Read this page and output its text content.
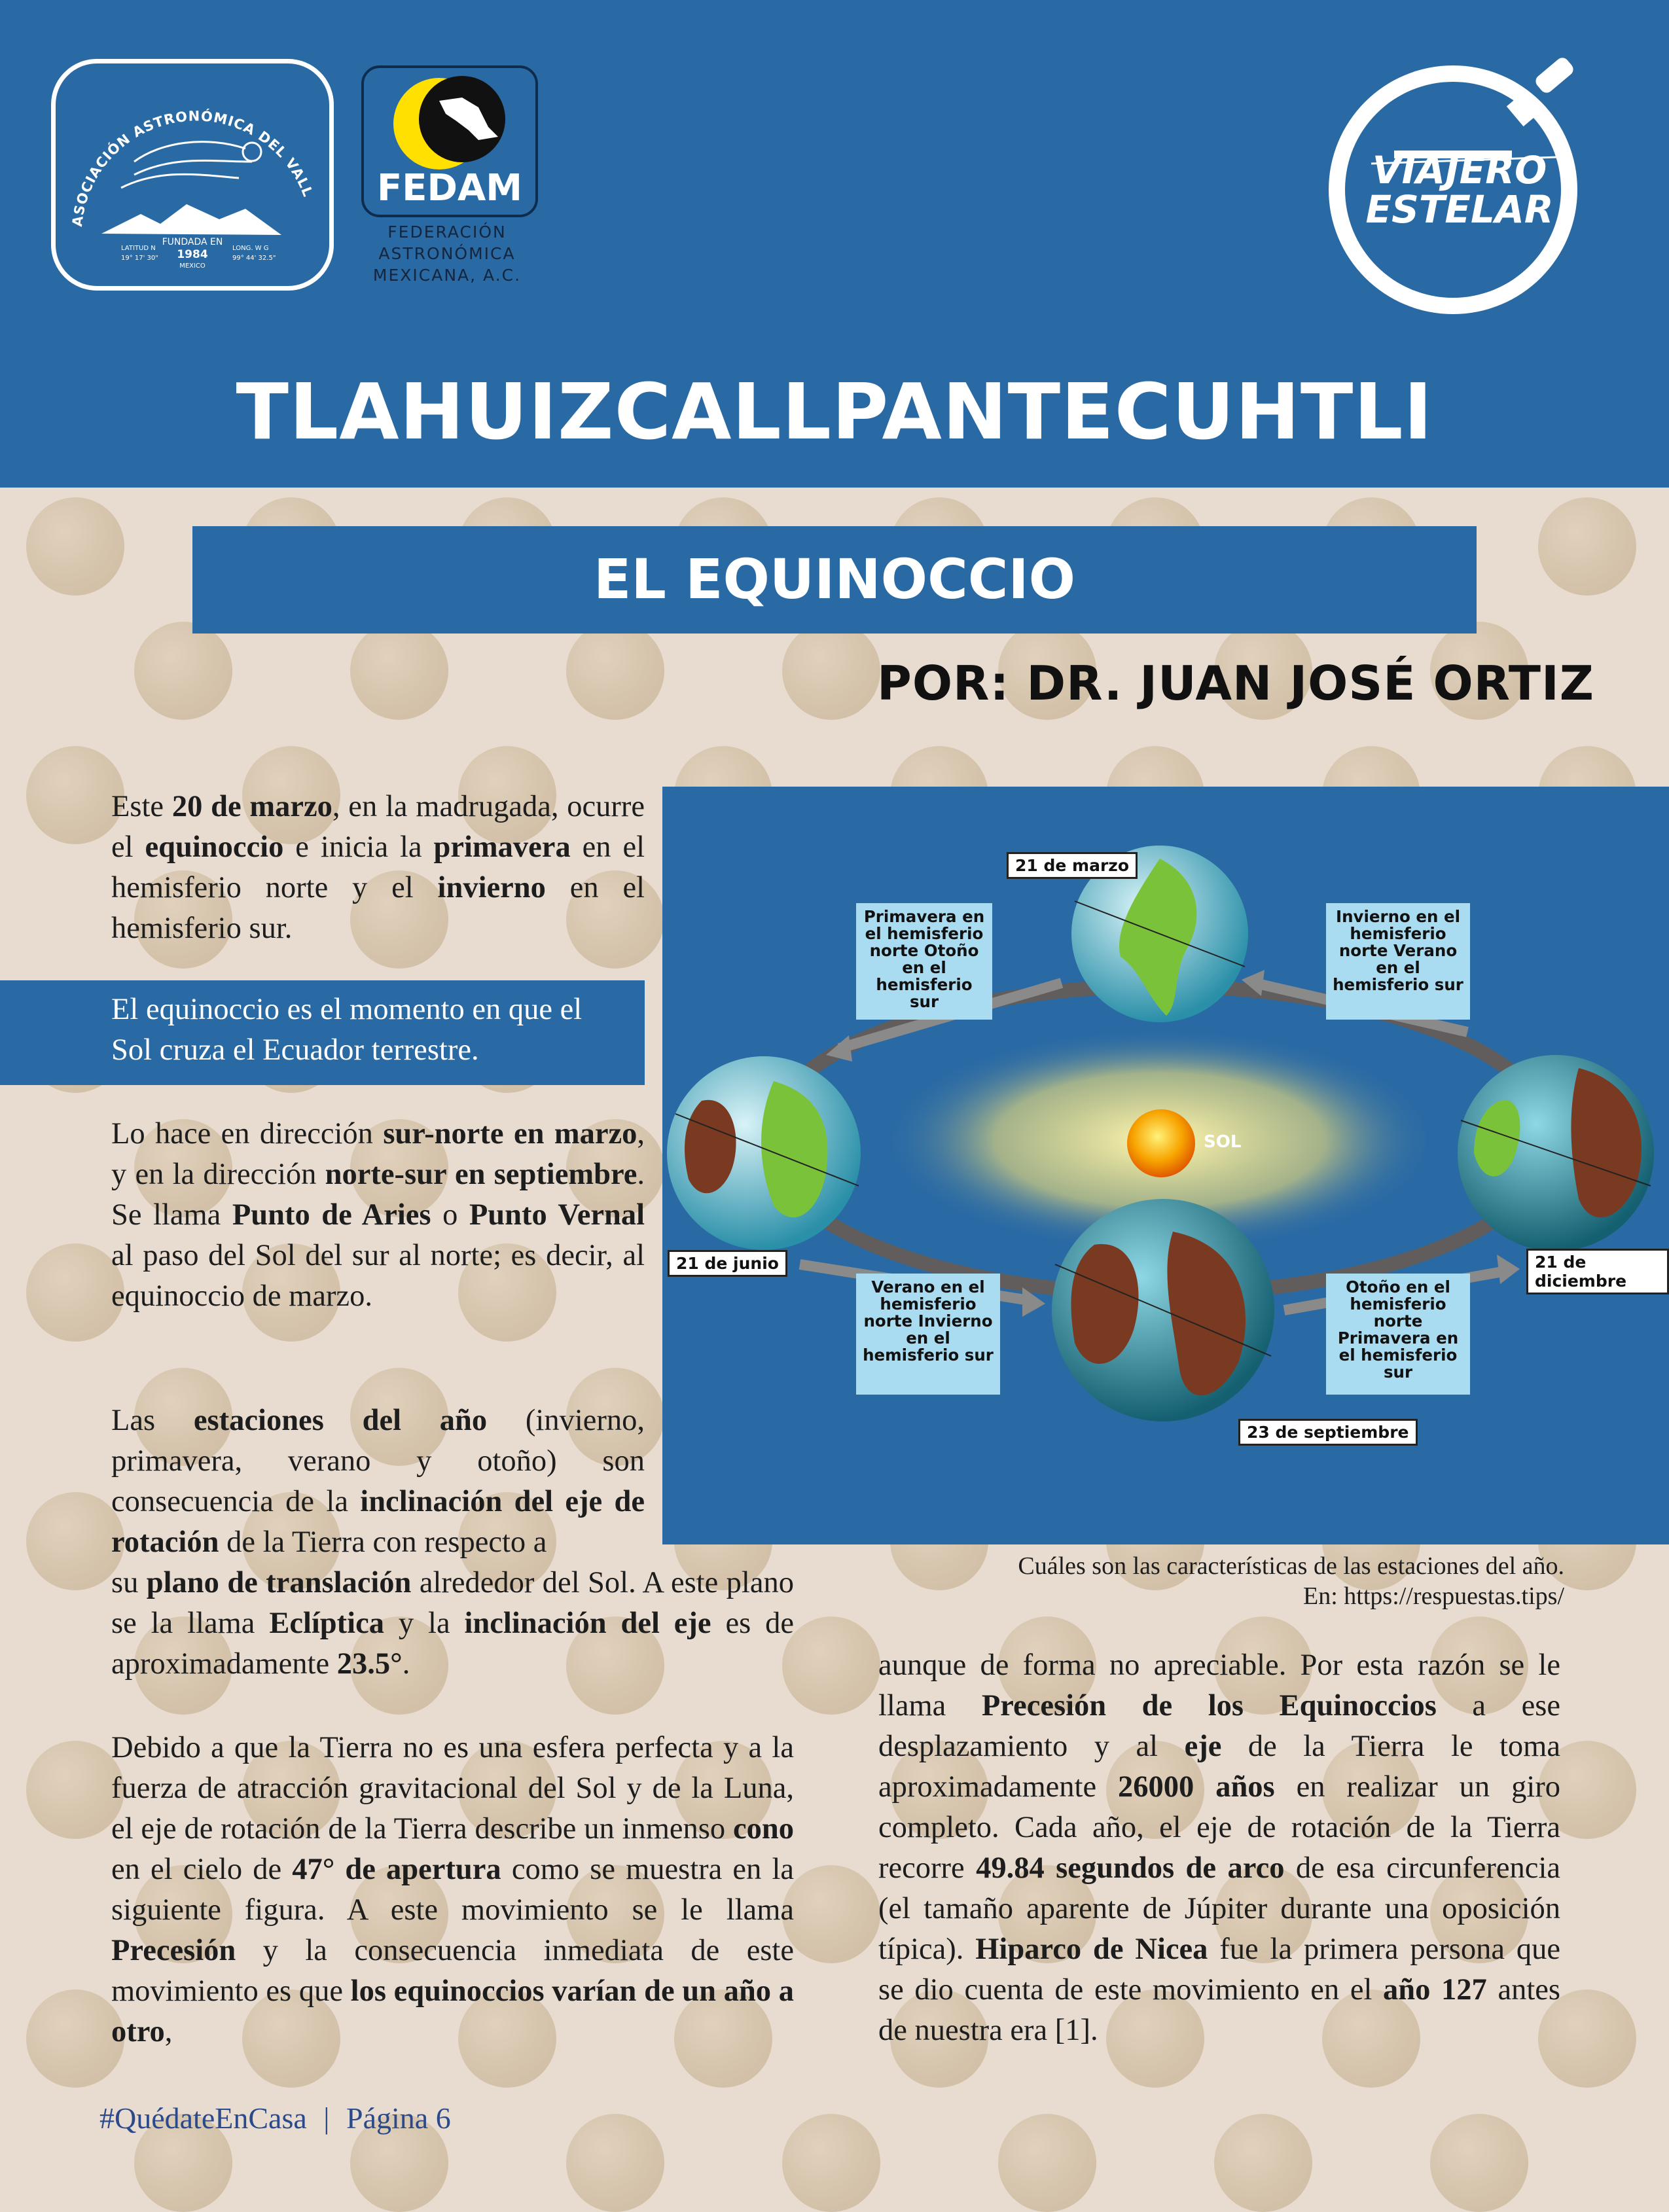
ASOCIACIÓN ASTRONÓMICA DEL VALL
FUNDADA EN
1984
LATITUD N
19° 17' 30"
MEXICO
LONG. W G
99° 44' 32.5"
FEDAM
FEDERACIÓN
ASTRONÓMICA
MEXICANA, A.C.
VIAJERO
ESTELAR
TLAHUIZCALLPANTECUHTLI
EL EQUINOCCIO
POR: DR. JUAN JOSÉ ORTIZ

Este 20 de marzo, en la madrugada, ocurre el equinoccio e inicia la primavera en el hemisferio norte y el invierno en el hemisferio sur.

El equinoccio es el momento en que el Sol cruza el Ecuador terrestre.

Lo hace en dirección sur-norte en marzo, y en la dirección norte-sur en septiembre. Se llama Punto de Aries o Punto Vernal al paso del Sol del sur al norte; es decir, al equinoccio de marzo.

Las estaciones del año (invierno, primavera, verano y otoño) son consecuencia de la inclinación del eje de rotación de la Tierra con respecto a

su plano de translación alrededor del Sol. A este plano se la llama Eclíptica y la inclinación del eje es de aproximadamente 23.5°.

Debido a que la Tierra no es una esfera perfecta y a la fuerza de atracción gravitacional del Sol y de la Luna, el eje de rotación de la Tierra describe un inmenso cono en el cielo de 47° de apertura como se muestra en la siguiente figura. A este movimiento se le llama Precesión y la consecuencia inmediata de este movimiento es que los equinoccios varían de un año a otro,

aunque de forma no apreciable. Por esta razón se le llama Precesión de los Equinoccios a ese desplazamiento y al eje de la Tierra le toma aproximadamente 26000 años en realizar un giro completo. Cada año, el eje de rotación de la Tierra recorre 49.84 segundos de arco de esa circunferencia (el tamaño aparente de Júpiter durante una oposición típica). Hiparco de Nicea fue la primera persona que se dio cuenta de este movimiento en el año 127 antes de nuestra era [1].

SOL
21 de marzo
21 de junio	21 de diciembre
23 de septiembre
Primavera en el hemisferio norte Otoño en el hemisferio sur
Invierno en el hemisferio norte Verano en el hemisferio sur
Verano en el hemisferio norte Invierno en el hemisferio sur
Otoño en el hemisferio norte Primavera en el hemisferio sur
Cuáles son las características de las estaciones del año.
En: https://respuestas.tips/
#QuédateEnCasa | Página 6
